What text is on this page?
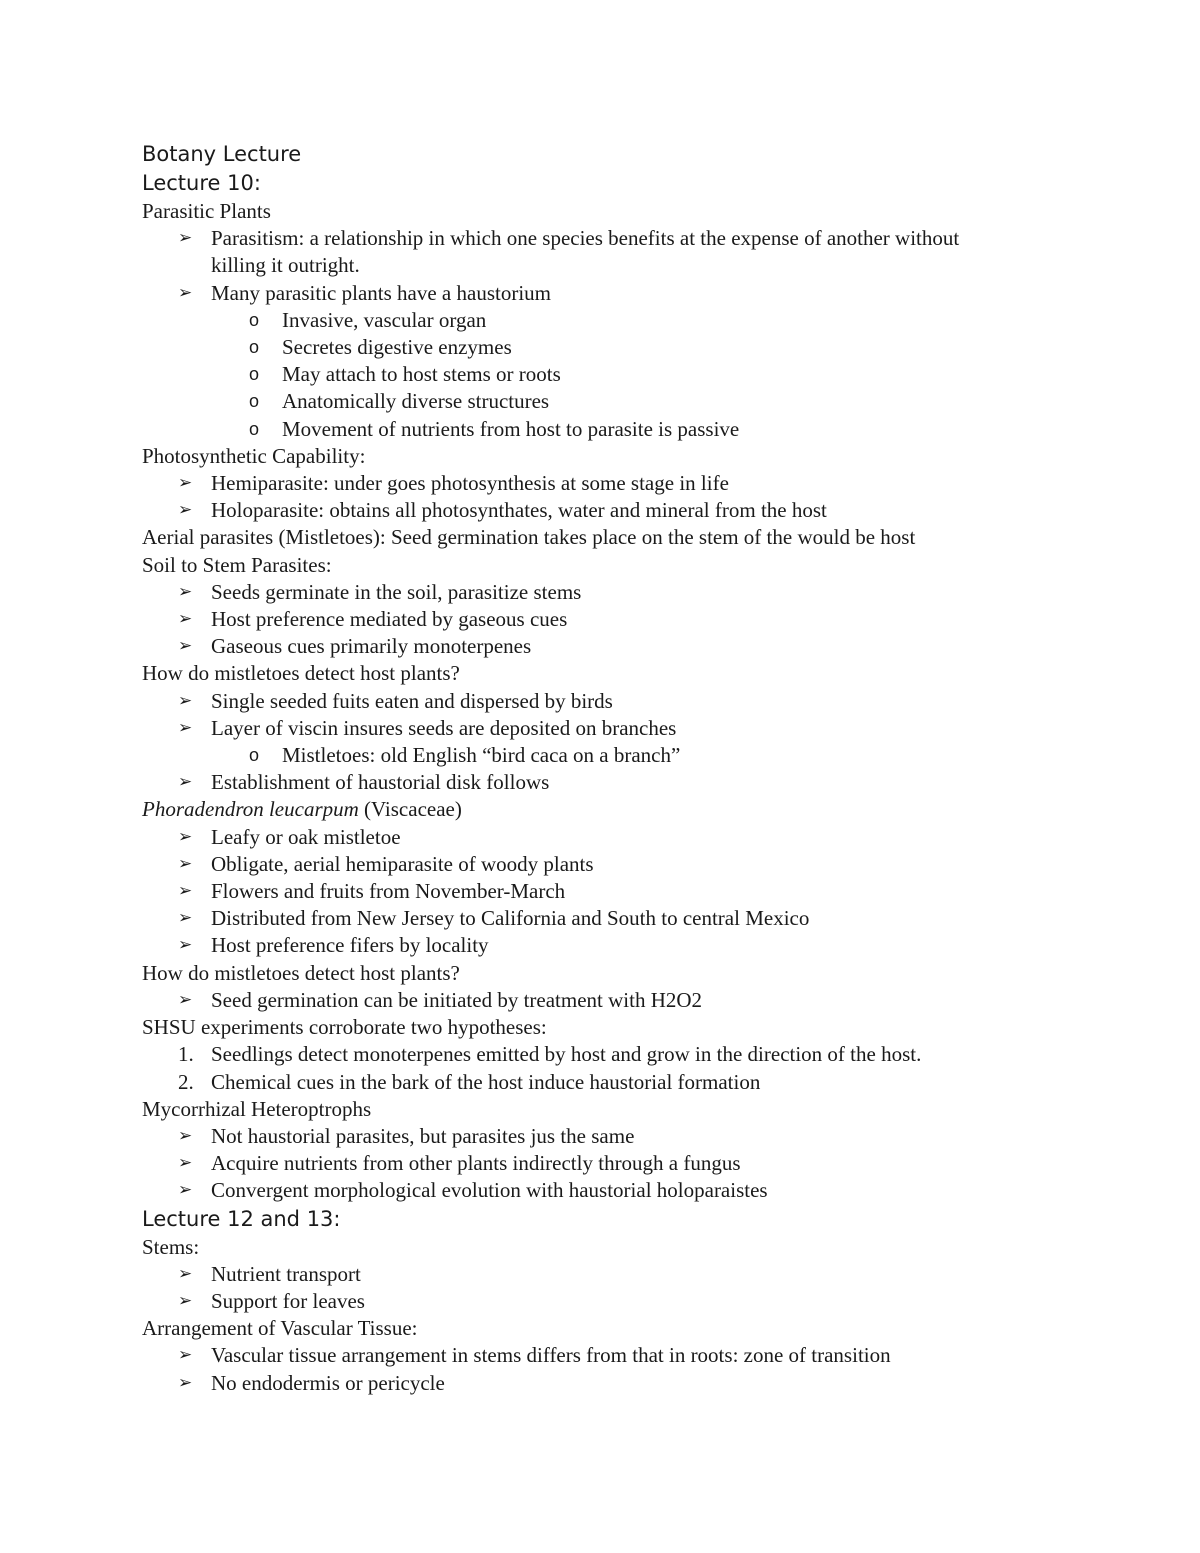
Botany Lecture
Lecture 10:
Parasitic Plants
➢ Parasitism: a relationship in which one species benefits at the expense of another without
killing it outright.
➢ Many parasitic plants have a haustorium
o Invasive, vascular organ
o Secretes digestive enzymes
o May attach to host stems or roots
o Anatomically diverse structures
o Movement of nutrients from host to parasite is passive
Photosynthetic Capability:
➢ Hemiparasite: under goes photosynthesis at some stage in life
➢ Holoparasite: obtains all photosynthates, water and mineral from the host
Aerial parasites (Mistletoes): Seed germination takes place on the stem of the would be host
Soil to Stem Parasites:
➢ Seeds germinate in the soil, parasitize stems
➢ Host preference mediated by gaseous cues
➢ Gaseous cues primarily monoterpenes
How do mistletoes detect host plants?
➢ Single seeded fuits eaten and dispersed by birds
➢ Layer of viscin insures seeds are deposited on branches
o Mistletoes: old English “bird caca on a branch”
➢ Establishment of haustorial disk follows
Phoradendron leucarpum (Viscaceae)
➢ Leafy or oak mistletoe
➢ Obligate, aerial hemiparasite of woody plants
➢ Flowers and fruits from November-March
➢ Distributed from New Jersey to California and South to central Mexico
➢ Host preference fifers by locality
How do mistletoes detect host plants?
➢ Seed germination can be initiated by treatment with H2O2
SHSU experiments corroborate two hypotheses:
1. Seedlings detect monoterpenes emitted by host and grow in the direction of the host.
2. Chemical cues in the bark of the host induce haustorial formation
Mycorrhizal Heteroptrophs
➢ Not haustorial parasites, but parasites jus the same
➢ Acquire nutrients from other plants indirectly through a fungus
➢ Convergent morphological evolution with haustorial holoparaistes
Lecture 12 and 13:
Stems:
➢ Nutrient transport
➢ Support for leaves
Arrangement of Vascular Tissue:
➢ Vascular tissue arrangement in stems differs from that in roots: zone of transition
➢ No endodermis or pericycle
